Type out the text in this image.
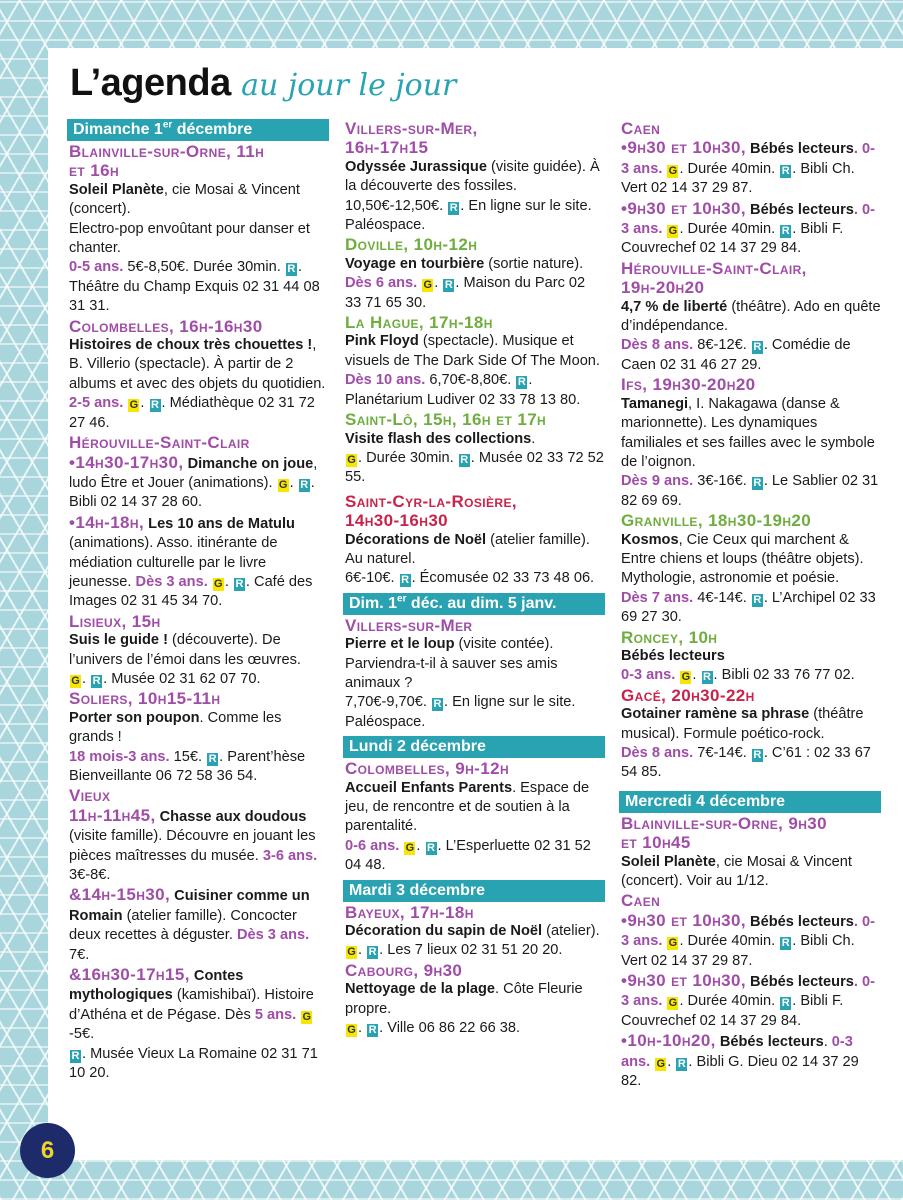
L’agenda au jour le jour
Dimanche 1er décembre
Blainville-sur-Orne, 11h
et 16h

Soleil Planète, cie Mosai & Vincent (concert).

Electro-pop envoûtant pour danser et chanter.

0-5 ans. 5€-8,50€. Durée 30min. R . Théâtre du Champ Exquis 02 31 44 08 31 31.

Colombelles, 16h-16h30

Histoires de choux très chouettes !, B. Villerio (spectacle). À partir de 2 albums et avec des objets du quotidien.

2-5 ans. G . R . Médiathèque 02 31 72 27 46.

Hérouville-Saint-Clair

•14h30-17h30, Dimanche on joue, ludo Être et Jouer (animations). G . R . Bibli 02 14 37 28 60.

•14h-18h, Les 10 ans de Matulu (animations). Asso. itinérante de médiation culturelle par le livre jeunesse. Dès 3 ans. G . R . Café des Images 02 31 45 34 70.

Lisieux, 15h

Suis le guide ! (découverte). De l’univers de l’émoi dans les œuvres.

G . R . Musée 02 31 62 07 70.

Soliers, 10h15-11h

Porter son poupon. Comme les grands !

18 mois-3 ans. 15€. R . Parent’hèse Bienveillante 06 72 58 36 54.

Vieux

11h-11h45, Chasse aux doudous (visite famille). Découvre en jouant les pièces maîtresses du musée. 3-6 ans. 3€-8€.

&14h-15h30, Cuisiner comme un Romain (atelier famille). Concocter deux recettes à déguster. Dès 3 ans. 7€.

&16h30-17h15, Contes mythologiques (kamishibaï). Histoire d’Athéna et de Pégase. Dès 5 ans. G-5€.

R . Musée Vieux La Romaine 02 31 71 10 20.

Villers-sur-Mer,
16h-17h15

Odyssée Jurassique (visite guidée). À la découverte des fossiles. 10,50€-12,50€. R . En ligne sur le site. Paléospace.

Doville, 10h-12h

Voyage en tourbière (sortie nature).

Dès 6 ans. G . R . Maison du Parc 02 33 71 65 30.

La Hague, 17h-18h

Pink Floyd (spectacle). Musique et visuels de The Dark Side Of The Moon.

Dès 10 ans. 6,70€-8,80€. R . Planétarium Ludiver 02 33 78 13 80.

Saint-Lô, 15h, 16h et 17h

Visite flash des collections.

G . Durée 30min. R . Musée 02 33 72 52 55.

Saint-Cyr-la-Rosière,
14h30-16h30

Décorations de Noël (atelier famille). Au naturel.

6€-10€. R . Écomusée 02 33 73 48 06.

Dim. 1er déc. au dim. 5 janv.
Villers-sur-Mer

Pierre et le loup (visite contée). Parviendra-t-il à sauver ses amis animaux ?

7,70€-9,70€. R . En ligne sur le site. Paléospace.

Lundi 2 décembre
Colombelles, 9h-12h

Accueil Enfants Parents. Espace de jeu, de rencontre et de soutien à la parentalité.

0-6 ans. G . R . L’Esperluette 02 31 52 04 48.

Mardi 3 décembre
Bayeux, 17h-18h

Décoration du sapin de Noël (atelier).

G . R . Les 7 lieux 02 31 51 20 20.

Cabourg, 9h30

Nettoyage de la plage. Côte Fleurie propre.

G . R . Ville 06 86 22 66 38.

Caen

•9h30 et 10h30, Bébés lecteurs. 0-3 ans. G . Durée 40min. R . Bibli Ch. Vert 02 14 37 29 87.

•9h30 et 10h30, Bébés lecteurs. 0-3 ans. G . Durée 40min. R . Bibli F. Couvrechef 02 14 37 29 84.

Hérouville-Saint-Clair,
19h-20h20

4,7 % de liberté (théâtre). Ado en quête d’indépendance.

Dès 8 ans. 8€-12€. R . Comédie de Caen 02 31 46 27 29.

Ifs, 19h30-20h20

Tamanegi, I. Nakagawa (danse & marionnette). Les dynamiques familiales et ses failles avec le symbole de l’oignon.

Dès 9 ans. 3€-16€. R . Le Sablier 02 31 82 69 69.

Granville, 18h30-19h20

Kosmos, Cie Ceux qui marchent & Entre chiens et loups (théâtre objets). Mythologie, astronomie et poésie.

Dès 7 ans. 4€-14€. R . L’Archipel 02 33 69 27 30.

Roncey, 10h

Bébés lecteurs

0-3 ans. G . R . Bibli 02 33 76 77 02.

Gacé, 20h30-22h

Gotainer ramène sa phrase (théâtre musical). Formule poético-rock.

Dès 8 ans. 7€-14€. R . C’61 : 02 33 67 54 85.

Mercredi 4 décembre
Blainville-sur-Orne, 9h30
et 10h45

Soleil Planète, cie Mosai & Vincent (concert). Voir au 1/12.

Caen

•9h30 et 10h30, Bébés lecteurs. 0-3 ans. G . Durée 40min. R . Bibli Ch. Vert 02 14 37 29 87.

•9h30 et 10h30, Bébés lecteurs. 0-3 ans. G . Durée 40min. R . Bibli F. Couvrechef 02 14 37 29 84.

•10h-10h20, Bébés lecteurs. 0-3 ans. G . R . Bibli G. Dieu 02 14 37 29 82.

6
